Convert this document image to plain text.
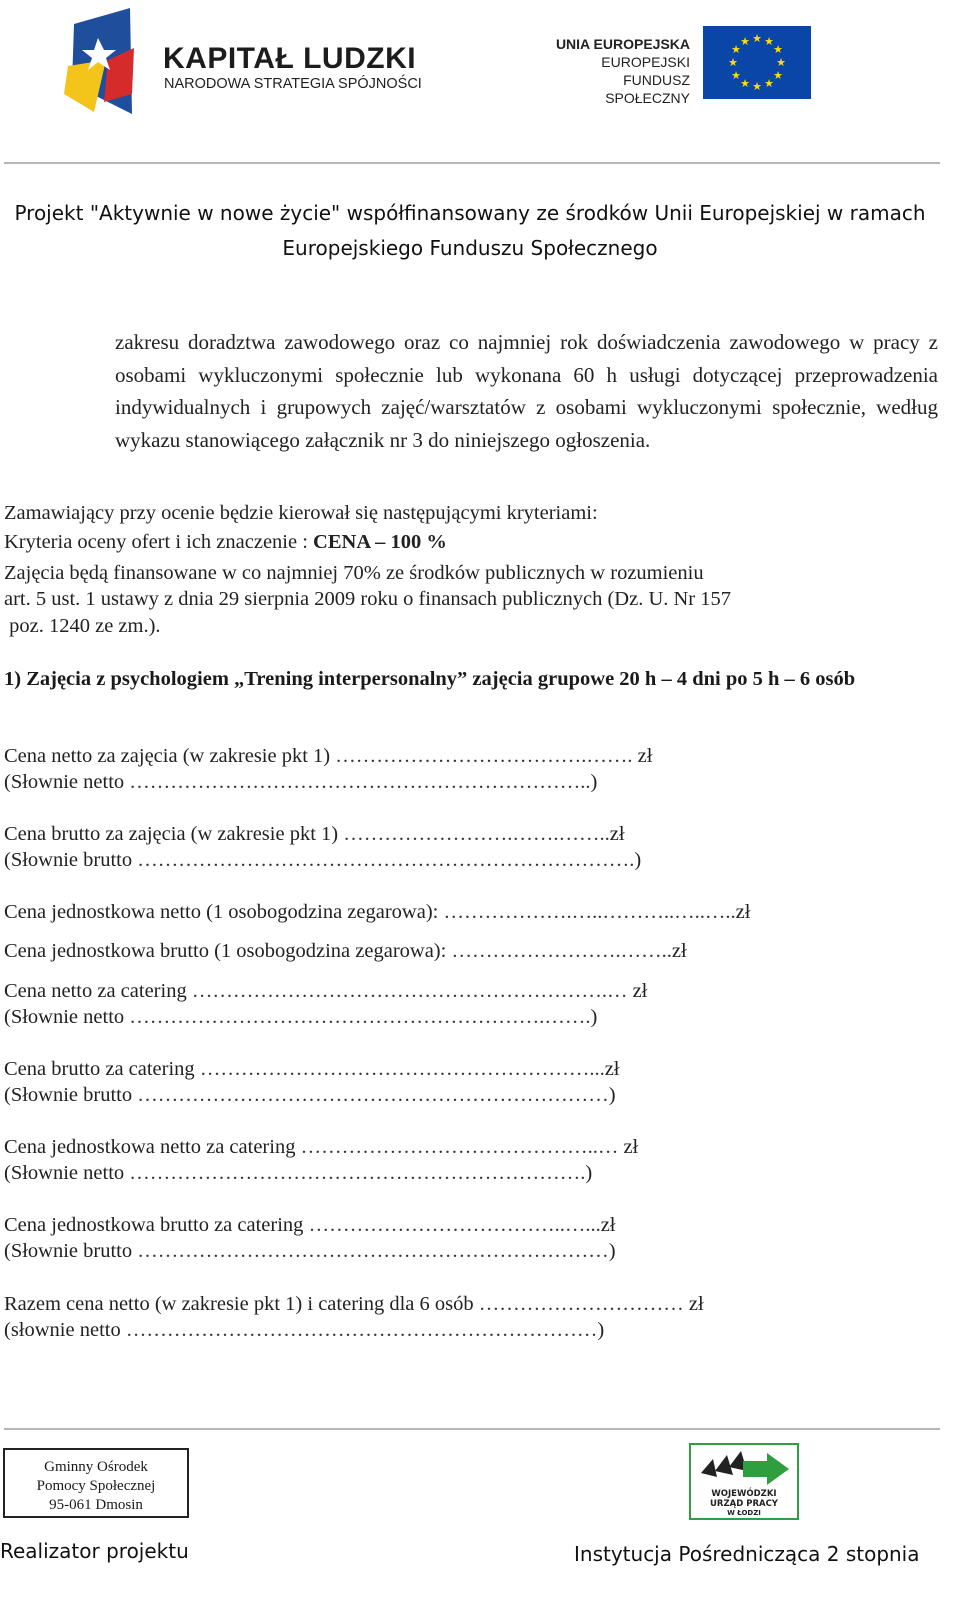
KAPITAŁ LUDZKI
NARODOWA STRATEGIA SPÓJNOŚCI
UNIA EUROPEJSKA
EUROPEJSKI
FUNDUSZ SPOŁECZNY
★ ★
★
★
★
★
★
★
★
★
★
★
Projekt "Aktywnie w nowe życie" współfinansowany ze środków Unii Europejskiej w ramach
Europejskiego Funduszu Społecznego
zakresu doradztwa zawodowego oraz co najmniej rok doświadczenia zawodowego w pracy z osobami wykluczonymi społecznie lub wykonana 60 h usługi dotyczącej przeprowadzenia indywidualnych i grupowych zajęć/warsztatów z osobami wykluczonymi społecznie, według wykazu stanowiącego załącznik nr 3 do niniejszego ogłoszenia.
Zamawiający przy ocenie będzie kierował się następującymi kryteriami:
Kryteria oceny ofert i ich znaczenie : CENA – 100 %
Zajęcia będą finansowane w co najmniej 70% ze środków publicznych w rozumieniu
art. 5 ust. 1 ustawy z dnia 29 sierpnia 2009 roku o finansach publicznych (Dz. U. Nr 157
poz. 1240 ze zm.).
1) Zajęcia z psychologiem „Trening interpersonalny” zajęcia grupowe 20 h – 4 dni po 5 h – 6 osób
Cena netto za zajęcia (w zakresie pkt 1) ……………………………….……. zł
(Słownie netto …………………………………………………………..)
Cena brutto za zajęcia (w zakresie pkt 1) …………………….…….……..zł
(Słownie brutto ……………………………………………………………….)
Cena jednostkowa netto (1 osobogodzina zegarowa): ……………….…..………..…..…..zł
Cena jednostkowa brutto (1 osobogodzina zegarowa): …………………….……..zł
Cena netto za catering …………………………………………………….… zł
(Słownie netto …………………………………………………….…….)
Cena brutto za catering …………………………………………………...zł
(Słownie brutto ……………………………………………………………)
Cena jednostkowa netto za catering ……………………………………..… zł
(Słownie netto ………………………………………………………….)
Cena jednostkowa brutto za catering ………………………………..…...zł
(Słownie brutto ……………………………………………………………)
Razem cena netto (w zakresie pkt 1) i catering dla 6 osób ………………………… zł
(słownie netto ……………………………………………………………)
Gminny Ośrodek
Pomocy Społecznej
95-061 Dmosin
Realizator projektu
WOJEWÓDZKI
URZĄD PRACY
W ŁODZI
Instytucja Pośrednicząca 2 stopnia
